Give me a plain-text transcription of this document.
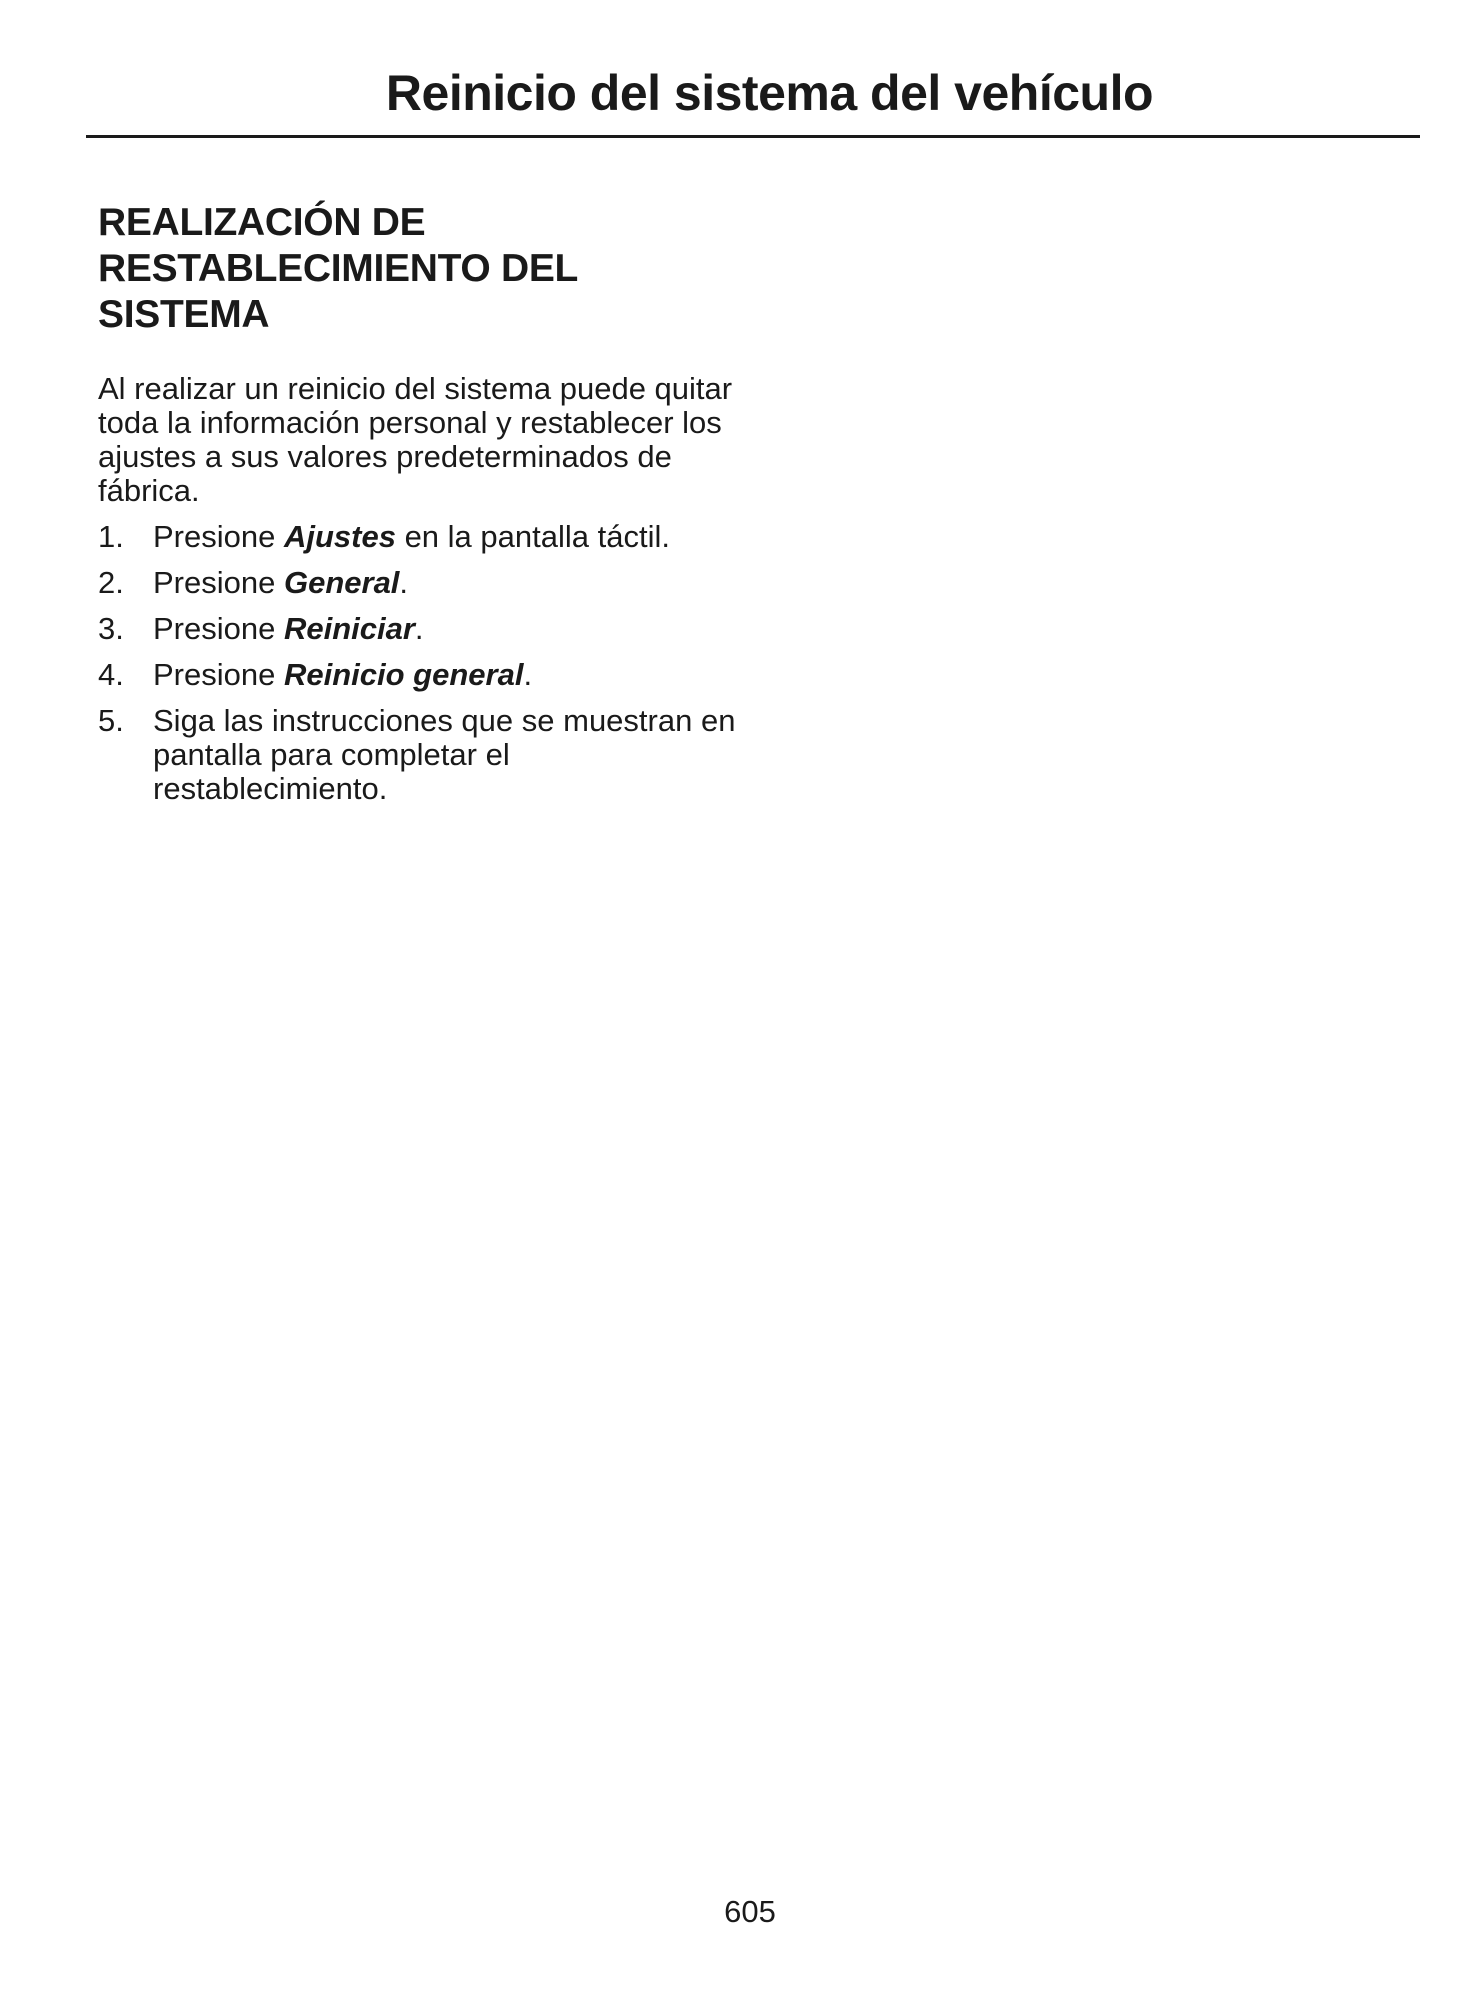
Reinicio del sistema del vehículo
REALIZACIÓN DE
RESTABLECIMIENTO DEL
SISTEMA

Al realizar un reinicio del sistema puede quitar toda la información personal y restablecer los ajustes a sus valores predeterminados de fábrica.

1. Presione Ajustes en la pantalla táctil.
2. Presione General.
3. Presione Reiniciar.
4. Presione Reinicio general.
5. Siga las instrucciones que se muestran en pantalla para completar el restablecimiento.
605
